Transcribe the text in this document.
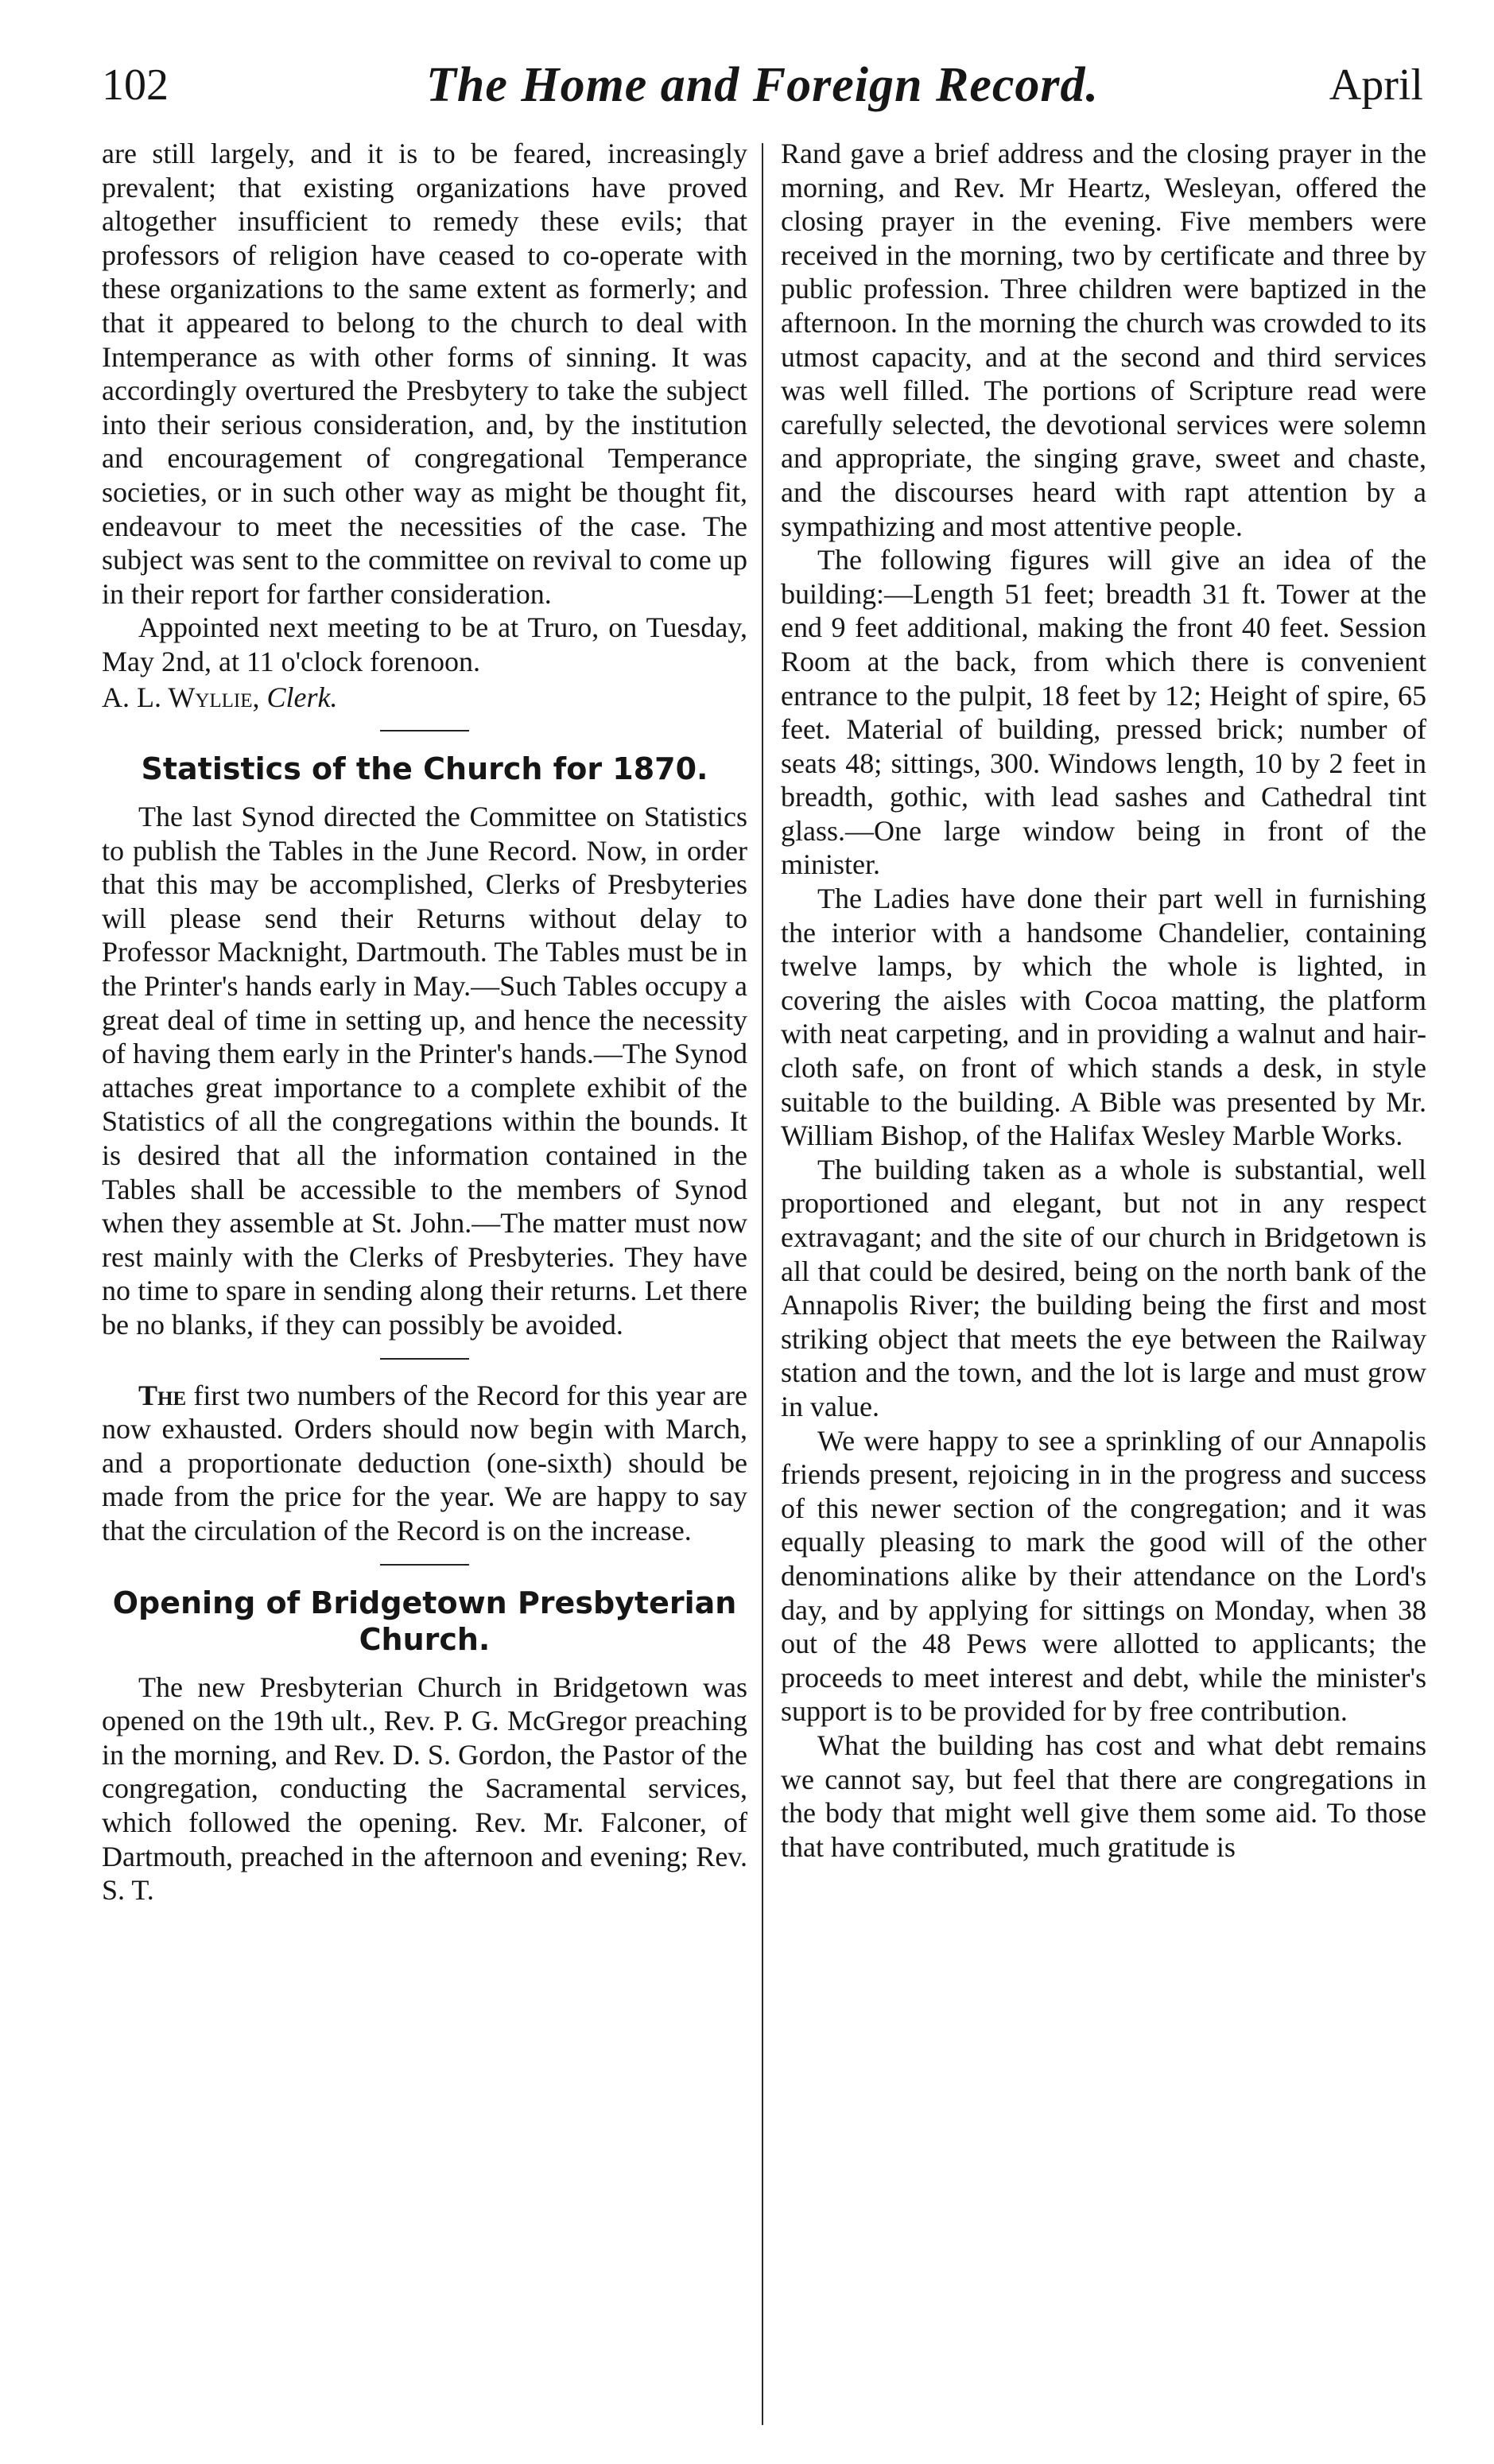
102	The Home and Foreign Record.	April

are still largely, and it is to be feared, increasingly prevalent; that existing organizations have proved altogether insufficient to remedy these evils; that professors of religion have ceased to co-operate with these organizations to the same extent as formerly; and that it appeared to belong to the church to deal with Intemperance as with other forms of sinning. It was accordingly overtured the Presbytery to take the subject into their serious consideration, and, by the institution and encouragement of congregational Temperance societies, or in such other way as might be thought fit, endeavour to meet the necessities of the case. The subject was sent to the committee on revival to come up in their report for farther consideration.

Appointed next meeting to be at Truro, on Tuesday, May 2nd, at 11 o'clock forenoon.

A. L. Wyllie, Clerk.

Statistics of the Church for 1870.

The last Synod directed the Committee on Statistics to publish the Tables in the June Record. Now, in order that this may be accomplished, Clerks of Presbyteries will please send their Returns without delay to Professor Macknight, Dartmouth. The Tables must be in the Printer's hands early in May.—Such Tables occupy a great deal of time in setting up, and hence the necessity of having them early in the Printer's hands.—The Synod attaches great importance to a complete exhibit of the Statistics of all the congregations within the bounds. It is desired that all the information contained in the Tables shall be accessible to the members of Synod when they assemble at St. John.—The matter must now rest mainly with the Clerks of Presbyteries. They have no time to spare in sending along their returns. Let there be no blanks, if they can possibly be avoided.

The first two numbers of the Record for this year are now exhausted. Orders should now begin with March, and a proportionate deduction (one-sixth) should be made from the price for the year. We are happy to say that the circulation of the Record is on the increase.

Opening of Bridgetown Presbyterian Church.

The new Presbyterian Church in Bridgetown was opened on the 19th ult., Rev. P. G. McGregor preaching in the morning, and Rev. D. S. Gordon, the Pastor of the congregation, conducting the Sacramental services, which followed the opening. Rev. Mr. Falconer, of Dartmouth, preached in the afternoon and evening; Rev. S. T.

Rand gave a brief address and the closing prayer in the morning, and Rev. Mr Heartz, Wesleyan, offered the closing prayer in the evening. Five members were received in the morning, two by certificate and three by public profession. Three children were baptized in the afternoon. In the morning the church was crowded to its utmost capacity, and at the second and third services was well filled. The portions of Scripture read were carefully selected, the devotional services were solemn and appropriate, the singing grave, sweet and chaste, and the discourses heard with rapt attention by a sympathizing and most attentive people.

The following figures will give an idea of the building:—Length 51 feet; breadth 31 ft. Tower at the end 9 feet additional, making the front 40 feet. Session Room at the back, from which there is convenient entrance to the pulpit, 18 feet by 12; Height of spire, 65 feet. Material of building, pressed brick; number of seats 48; sittings, 300. Windows length, 10 by 2 feet in breadth, gothic, with lead sashes and Cathedral tint glass.—One large window being in front of the minister.

The Ladies have done their part well in furnishing the interior with a handsome Chandelier, containing twelve lamps, by which the whole is lighted, in covering the aisles with Cocoa matting, the platform with neat carpeting, and in providing a walnut and hair-cloth safe, on front of which stands a desk, in style suitable to the building. A Bible was presented by Mr. William Bishop, of the Halifax Wesley Marble Works.

The building taken as a whole is substantial, well proportioned and elegant, but not in any respect extravagant; and the site of our church in Bridgetown is all that could be desired, being on the north bank of the Annapolis River; the building being the first and most striking object that meets the eye between the Railway station and the town, and the lot is large and must grow in value.

We were happy to see a sprinkling of our Annapolis friends present, rejoicing in in the progress and success of this newer section of the congregation; and it was equally pleasing to mark the good will of the other denominations alike by their attendance on the Lord's day, and by applying for sittings on Monday, when 38 out of the 48 Pews were allotted to applicants; the proceeds to meet interest and debt, while the minister's support is to be provided for by free contribution.

What the building has cost and what debt remains we cannot say, but feel that there are congregations in the body that might well give them some aid. To those that have contributed, much gratitude is
